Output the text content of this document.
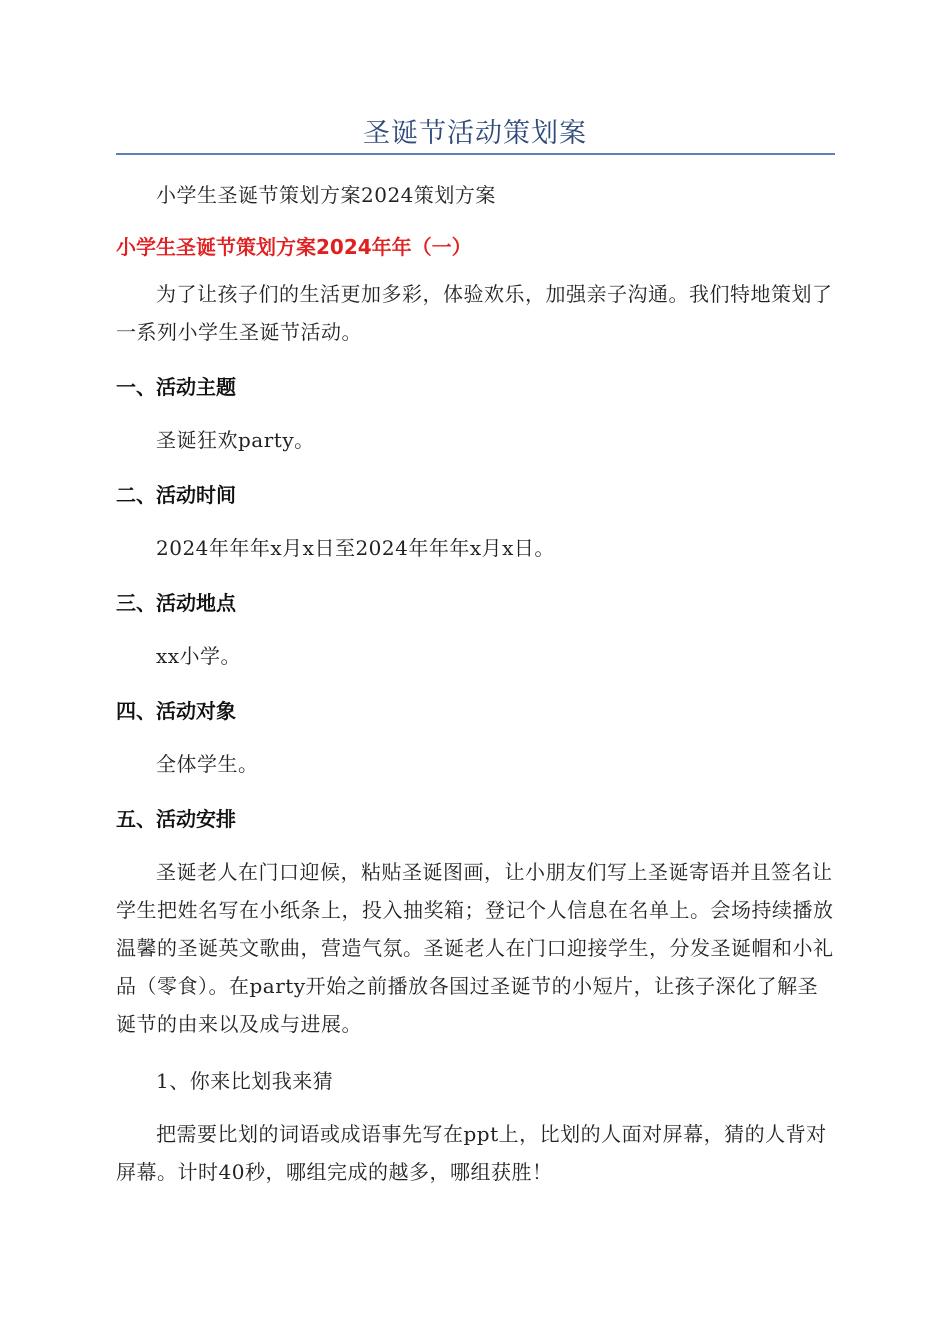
圣诞节活动策划案

小学生圣诞节策划方案2024策划方案

小学生圣诞节策划方案2024年年（一）

为了让孩子们的生活更加多彩，体验欢乐，加强亲子沟通。我们特地策划了一系列小学生圣诞节活动。

一、活动主题

圣诞狂欢party。

二、活动时间

2024年年年x月x日至2024年年年x月x日。

三、活动地点

xx小学。

四、活动对象

全体学生。

五、活动安排

圣诞老人在门口迎候，粘贴圣诞图画，让小朋友们写上圣诞寄语并且签名让学生把姓名写在小纸条上，投入抽奖箱；登记个人信息在名单上。会场持续播放温馨的圣诞英文歌曲，营造气氛。圣诞老人在门口迎接学生，分发圣诞帽和小礼品（零食）。在party开始之前播放各国过圣诞节的小短片，让孩子深化了解圣诞节的由来以及成与进展。

1、你来比划我来猜

把需要比划的词语或成语事先写在ppt上，比划的人面对屏幕，猜的人背对屏幕。计时40秒，哪组完成的越多，哪组获胜！
